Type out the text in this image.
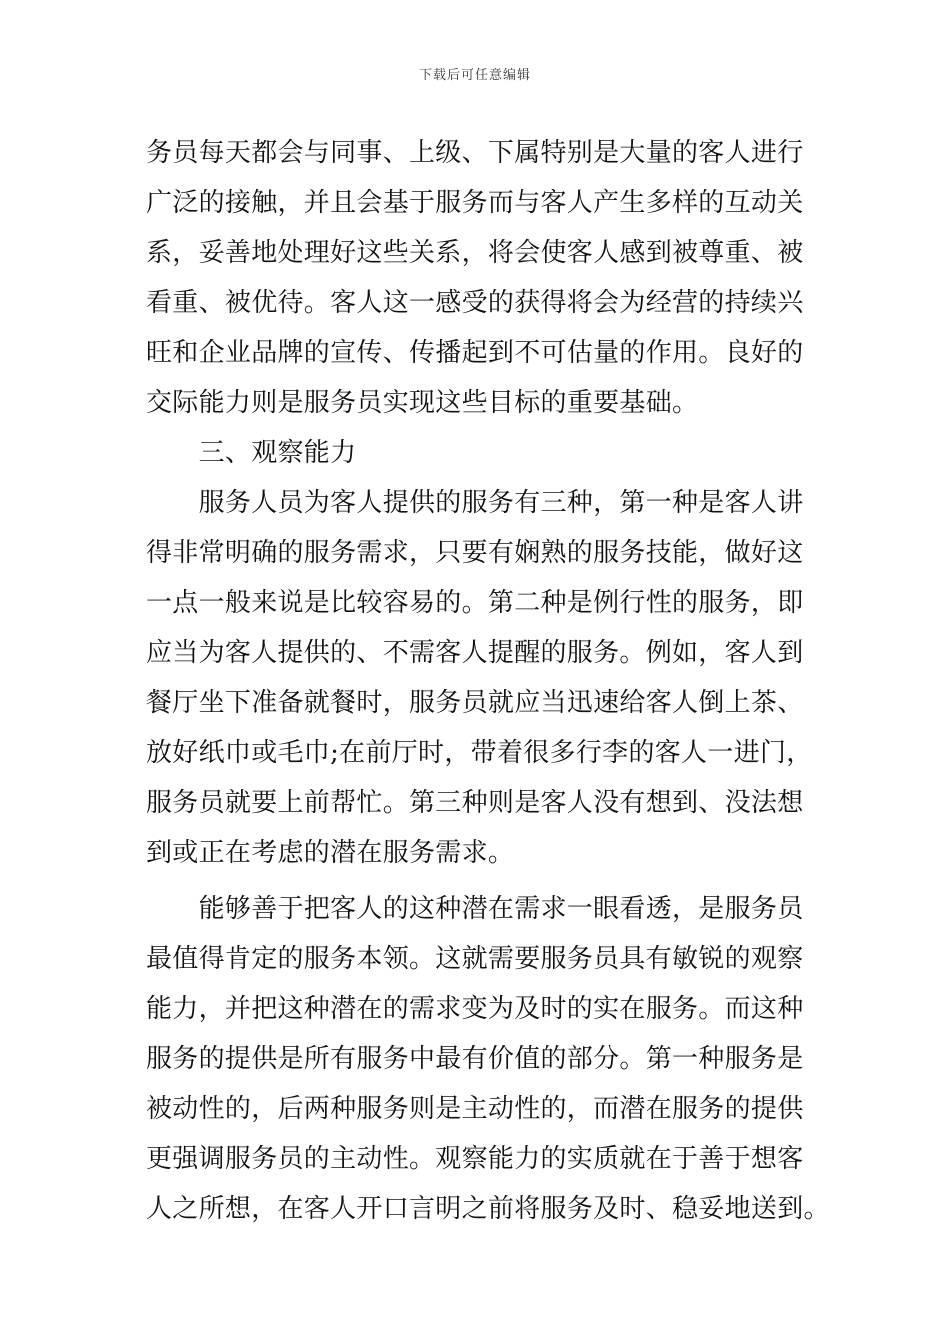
下载后可任意编辑
务员每天都会与同事、上级、下属特别是大量的客人进行
广泛的接触，并且会基于服务而与客人产生多样的互动关
系，妥善地处理好这些关系，将会使客人感到被尊重、被
看重、被优待。客人这一感受的获得将会为经营的持续兴
旺和企业品牌的宣传、传播起到不可估量的作用。良好的
交际能力则是服务员实现这些目标的重要基础。
　　三、观察能力
　　服务人员为客人提供的服务有三种，第一种是客人讲
得非常明确的服务需求，只要有娴熟的服务技能，做好这
一点一般来说是比较容易的。第二种是例行性的服务，即
应当为客人提供的、不需客人提醒的服务。例如，客人到
餐厅坐下准备就餐时，服务员就应当迅速给客人倒上茶、
放好纸巾或毛巾;在前厅时，带着很多行李的客人一进门，
服务员就要上前帮忙。第三种则是客人没有想到、没法想
到或正在考虑的潜在服务需求。
　　能够善于把客人的这种潜在需求一眼看透，是服务员
最值得肯定的服务本领。这就需要服务员具有敏锐的观察
能力，并把这种潜在的需求变为及时的实在服务。而这种
服务的提供是所有服务中最有价值的部分。第一种服务是
被动性的，后两种服务则是主动性的，而潜在服务的提供
更强调服务员的主动性。观察能力的实质就在于善于想客
人之所想，在客人开口言明之前将服务及时、稳妥地送到。
